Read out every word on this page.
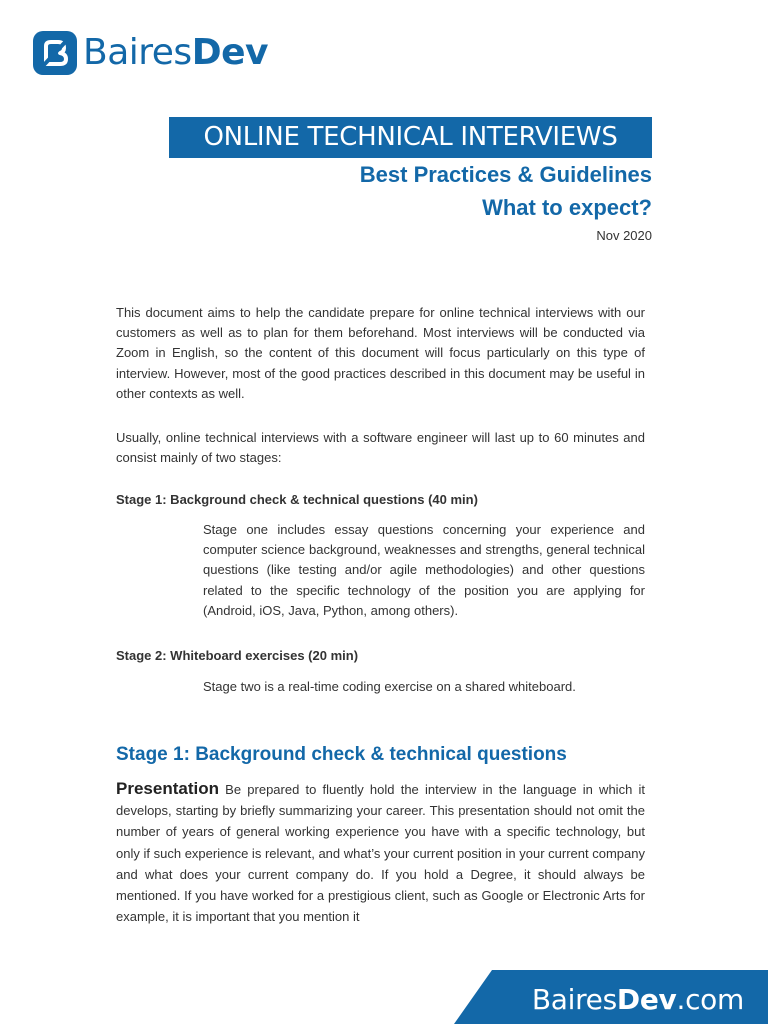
BairesDev
ONLINE TECHNICAL INTERVIEWS
Best Practices & Guidelines
What to expect?
Nov 2020

This document aims to help the candidate prepare for online technical interviews with our customers as well as to plan for them beforehand. Most interviews will be conducted via Zoom in English, so the content of this document will focus particularly on this type of interview. However, most of the good practices described in this document may be useful in other contexts as well.

Usually, online technical interviews with a software engineer will last up to 60 minutes and consist mainly of two stages:

Stage 1: Background check & technical questions (40 min)

Stage one includes essay questions concerning your experience and computer science background, weaknesses and strengths, general technical questions (like testing and/or agile methodologies) and other questions related to the specific technology of the position you are applying for (Android, iOS, Java, Python, among others).

Stage 2: Whiteboard exercises (20 min)

Stage two is a real-time coding exercise on a shared whiteboard.

Stage 1: Background check & technical questions

Presentation Be prepared to fluently hold the interview in the language in which it develops, starting by briefly summarizing your career. This presentation should not omit the number of years of general working experience you have with a specific technology, but only if such experience is relevant, and what’s your current position in your current company and what does your current company do. If you hold a Degree, it should always be mentioned. If you have worked for a prestigious client, such as Google or Electronic Arts for example, it is important that you mention it

BairesDev.com
